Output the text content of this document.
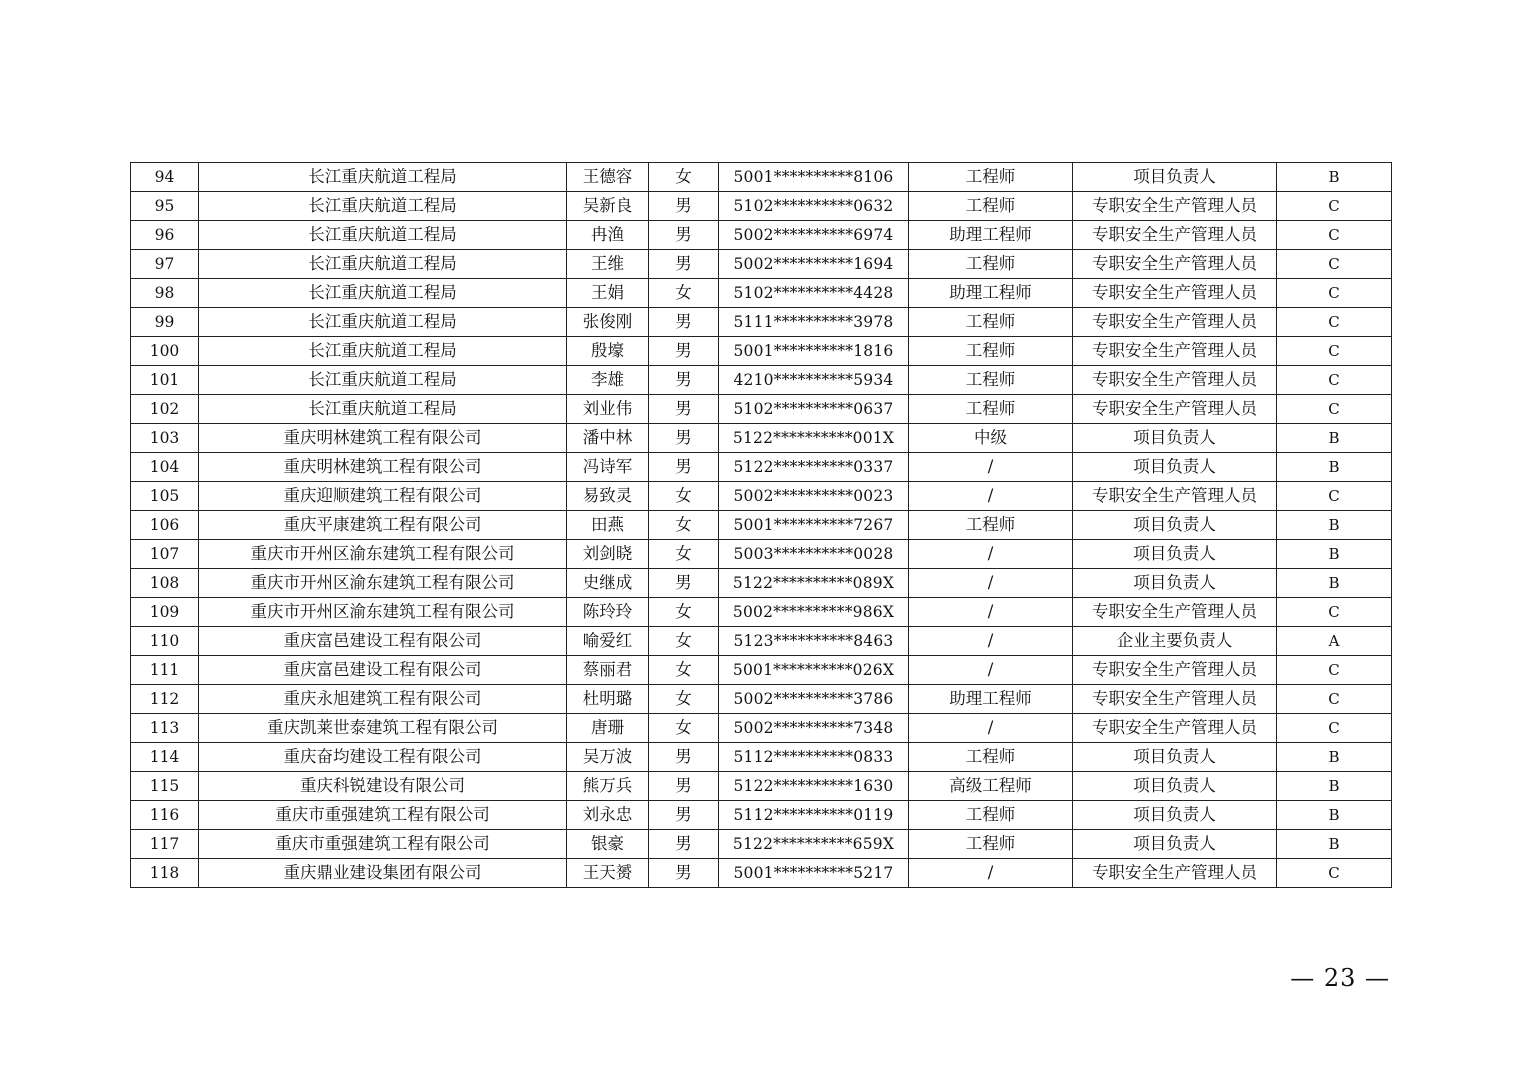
94	长江重庆航道工程局	王德容	女	5001**********8106	工程师	项目负责人	B
95	长江重庆航道工程局	吴新良	男	5102**********0632	工程师	专职安全生产管理人员	C
96	长江重庆航道工程局	冉渔	男	5002**********6974	助理工程师	专职安全生产管理人员	C
97	长江重庆航道工程局	王维	男	5002**********1694	工程师	专职安全生产管理人员	C
98	长江重庆航道工程局	王娟	女	5102**********4428	助理工程师	专职安全生产管理人员	C
99	长江重庆航道工程局	张俊刚	男	5111**********3978	工程师	专职安全生产管理人员	C
100	长江重庆航道工程局	殷壕	男	5001**********1816	工程师	专职安全生产管理人员	C
101	长江重庆航道工程局	李雄	男	4210**********5934	工程师	专职安全生产管理人员	C
102	长江重庆航道工程局	刘业伟	男	5102**********0637	工程师	专职安全生产管理人员	C
103	重庆明林建筑工程有限公司	潘中林	男	5122**********001X	中级	项目负责人	B
104	重庆明林建筑工程有限公司	冯诗军	男	5122**********0337	/	项目负责人	B
105	重庆迎顺建筑工程有限公司	易致灵	女	5002**********0023	/	专职安全生产管理人员	C
106	重庆平康建筑工程有限公司	田燕	女	5001**********7267	工程师	项目负责人	B
107	重庆市开州区渝东建筑工程有限公司	刘剑晓	女	5003**********0028	/	项目负责人	B
108	重庆市开州区渝东建筑工程有限公司	史继成	男	5122**********089X	/	项目负责人	B
109	重庆市开州区渝东建筑工程有限公司	陈玲玲	女	5002**********986X	/	专职安全生产管理人员	C
110	重庆富邑建设工程有限公司	喻爱红	女	5123**********8463	/	企业主要负责人	A
111	重庆富邑建设工程有限公司	蔡丽君	女	5001**********026X	/	专职安全生产管理人员	C
112	重庆永旭建筑工程有限公司	杜明璐	女	5002**********3786	助理工程师	专职安全生产管理人员	C
113	重庆凯莱世泰建筑工程有限公司	唐珊	女	5002**********7348	/	专职安全生产管理人员	C
114	重庆奋均建设工程有限公司	吴万波	男	5112**********0833	工程师	项目负责人	B
115	重庆科锐建设有限公司	熊万兵	男	5122**********1630	高级工程师	项目负责人	B
116	重庆市重强建筑工程有限公司	刘永忠	男	5112**********0119	工程师	项目负责人	B
117	重庆市重强建筑工程有限公司	银豪	男	5122**********659X	工程师	项目负责人	B
118	重庆鼎业建设集团有限公司	王天赟	男	5001**********5217	/	专职安全生产管理人员	C
— 23 —
